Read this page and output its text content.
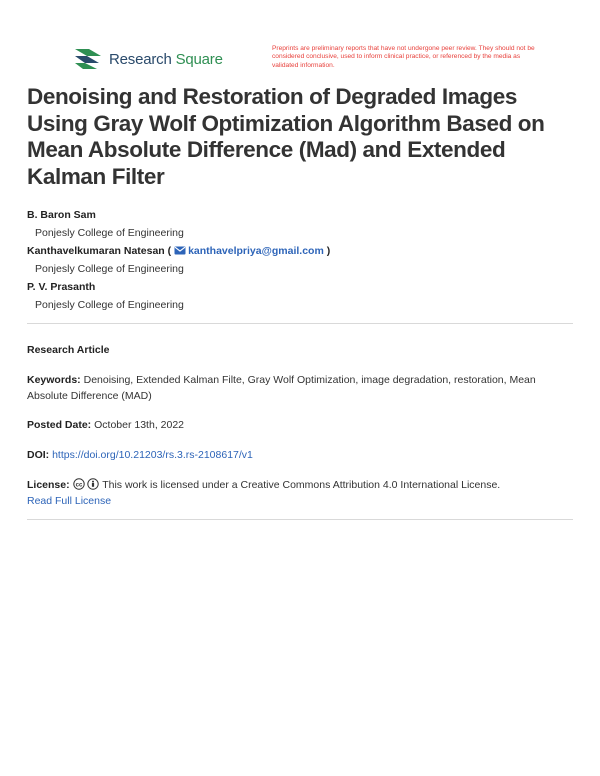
Research Square
Preprints are preliminary reports that have not undergone peer review. They should not be considered conclusive, used to inform clinical practice, or referenced by the media as validated information.
Denoising and Restoration of Degraded Images Using Gray Wolf Optimization Algorithm Based on Mean Absolute Difference (Mad) and Extended Kalman Filter
B. Baron Sam
Ponjesly College of Engineering
Kanthavelkumaran Natesan ( kanthavelpriya@gmail.com )
Ponjesly College of Engineering
P. V. Prasanth
Ponjesly College of Engineering
Research Article
Keywords: Denoising, Extended Kalman Filte, Gray Wolf Optimization, image degradation, restoration, Mean Absolute Difference (MAD)
Posted Date: October 13th, 2022
DOI: https://doi.org/10.21203/rs.3.rs-2108617/v1
License: cc This work is licensed under a Creative Commons Attribution 4.0 International License.
Read Full License
